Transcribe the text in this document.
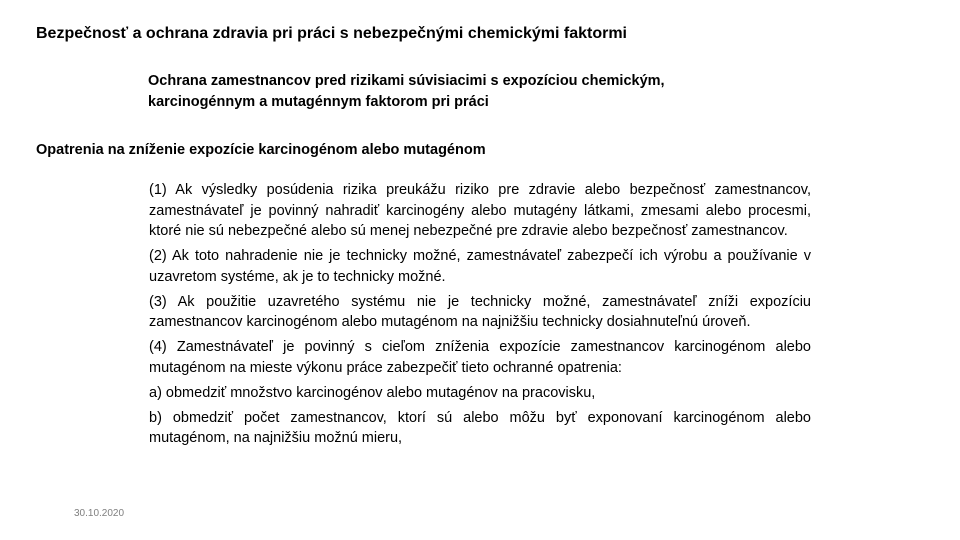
Bezpečnosť a ochrana zdravia pri práci s nebezpečnými chemickými faktormi
Ochrana zamestnancov pred rizikami súvisiacimi s expozíciou chemickým,
karcinogénnym a mutagénnym faktorom pri práci
Opatrenia na zníženie expozície karcinogénom alebo mutagénom

(1) Ak výsledky posúdenia rizika preukážu riziko pre zdravie alebo bezpečnosť zamestnancov, zamestnávateľ je povinný nahradiť karcinogény alebo mutagény látkami, zmesami alebo procesmi, ktoré nie sú nebezpečné alebo sú menej nebezpečné pre zdravie alebo bezpečnosť zamestnancov.

(2) Ak toto nahradenie nie je technicky možné, zamestnávateľ zabezpečí ich výrobu a používanie v uzavretom systéme, ak je to technicky možné.

(3) Ak použitie uzavretého systému nie je technicky možné, zamestnávateľ zníži expozíciu zamestnancov karcinogénom alebo mutagénom na najnižšiu technicky dosiahnuteľnú úroveň.

(4) Zamestnávateľ je povinný s cieľom zníženia expozície zamestnancov karcinogénom alebo mutagénom na mieste výkonu práce zabezpečiť tieto ochranné opatrenia:

a) obmedziť množstvo karcinogénov alebo mutagénov na pracovisku,

b) obmedziť počet zamestnancov, ktorí sú alebo môžu byť exponovaní karcinogénom alebo mutagénom, na najnižšiu možnú mieru,

30.10.2020
